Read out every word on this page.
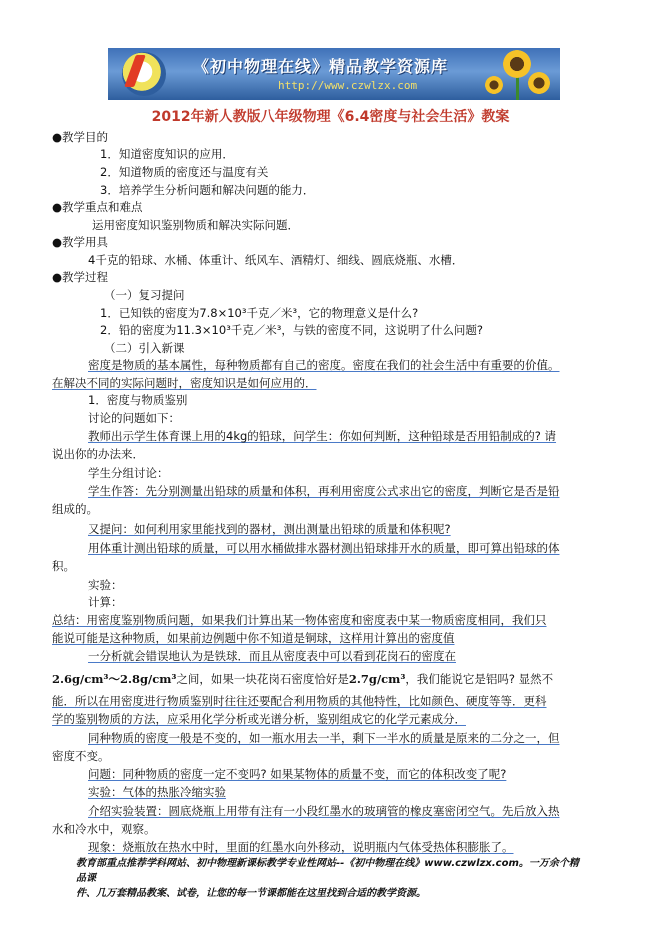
《初中物理在线》精品教学资源库
http://www.czwlzx.com
2012年新人教版八年级物理《6.4密度与社会生活》教案
●教学目的
1．知道密度知识的应用．
2．知道物质的密度还与温度有关
3．培养学生分析问题和解决问题的能力．
●教学重点和难点
运用密度知识鉴别物质和解决实际问题．
●教学用具
4千克的铅球、水桶、体重计、纸风车、酒精灯、细线、圆底烧瓶、水槽．
●教学过程
（一）复习提问
1．已知铁的密度为7.8×10³千克／米³，它的物理意义是什么?
2．铅的密度为11.3×10³千克／米³，与铁的密度不同，这说明了什么问题?
（二）引入新课
密度是物质的基本属性，每种物质都有自己的密度。密度在我们的社会生活中有重要的价值。
在解决不同的实际问题时，密度知识是如何应用的．
1．密度与物质鉴别
讨论的问题如下：
教师出示学生体育课上用的4kg的铅球，问学生：你如何判断，这种铅球是否用铅制成的? 请
说出你的办法来．
学生分组讨论：
学生作答：先分别测量出铅球的质量和体积，再利用密度公式求出它的密度，判断它是否是铅
组成的。
又提问：如何利用家里能找到的器材，测出测量出铅球的质量和体积呢?
用体重计测出铅球的质量，可以用水桶做排水器材测出铅球排开水的质量，即可算出铅球的体
积。
实验：
计算：
总结：用密度鉴别物质问题，如果我们计算出某一物体密度和密度表中某一物质密度相同，我们只
能说可能是这种物质，如果前边例题中你不知道是铜球，这样用计算出的密度值
一分析就会错误地认为是铁球．而且从密度表中可以看到花岗石的密度在
2.6g/cm³～2.8g/cm³之间，如果一块花岗石密度恰好是2.7g/cm³，我们能说它是铝吗? 显然不
能．所以在用密度进行物质鉴别时往往还要配合利用物质的其他特性，比如颜色、硬度等等．更科
学的鉴别物质的方法，应采用化学分析或光谱分析，鉴别组成它的化学元素成分．
同种物质的密度一般是不变的，如一瓶水用去一半，剩下一半水的质量是原来的二分之一，但
密度不变。
问题：同种物质的密度一定不变吗? 如果某物体的质量不变，而它的体积改变了呢?
实验：气体的热胀冷缩实验
介绍实验装置：圆底烧瓶上用带有注有一小段红墨水的玻璃管的橡皮塞密闭空气。先后放入热
水和冷水中，观察。
现象：烧瓶放在热水中时，里面的红墨水向外移动，说明瓶内气体受热体积膨胀了。
教育部重点推荐学科网站、初中物理新课标教学专业性网站--《初中物理在线》www.czwlzx.com。一万余个精品课
件、几万套精品教案、试卷，让您的每一节课都能在这里找到合适的教学资源。
